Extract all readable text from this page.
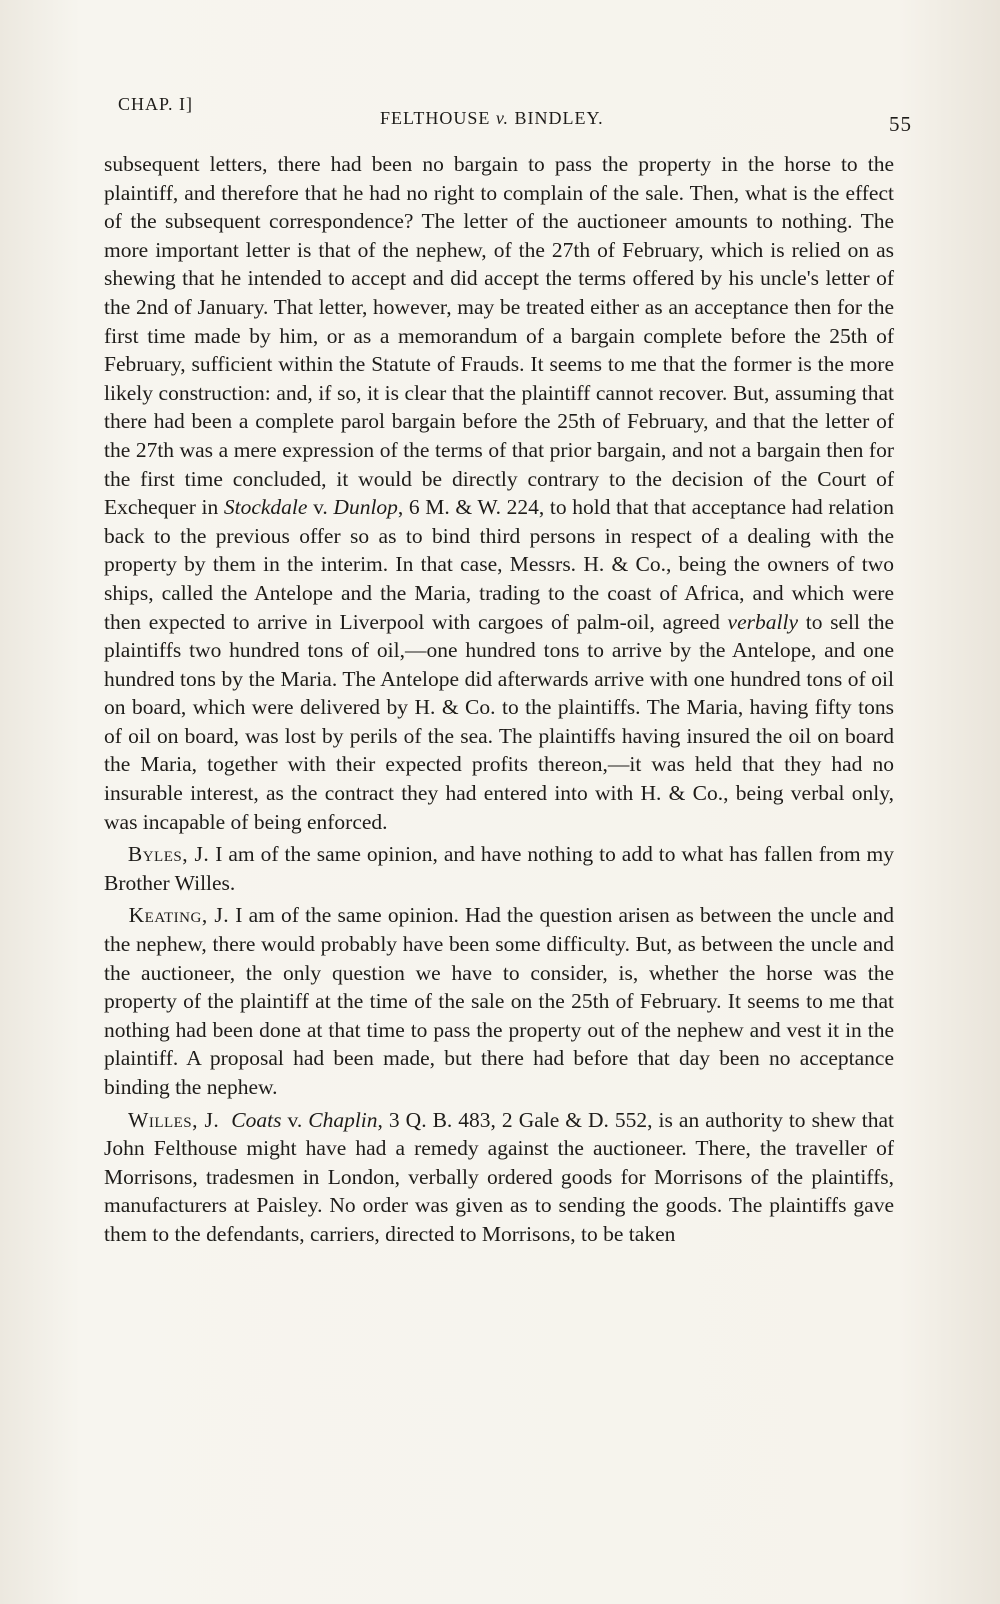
CHAP. I]
FELTHOUSE v. BINDLEY.	55

subsequent letters, there had been no bargain to pass the property in the horse to the plaintiff, and therefore that he had no right to complain of the sale. Then, what is the effect of the subsequent correspondence? The letter of the auctioneer amounts to nothing. The more important letter is that of the nephew, of the 27th of February, which is relied on as shewing that he intended to accept and did accept the terms offered by his uncle's letter of the 2nd of January. That letter, however, may be treated either as an acceptance then for the first time made by him, or as a memorandum of a bargain complete before the 25th of February, sufficient within the Statute of Frauds. It seems to me that the former is the more likely construction: and, if so, it is clear that the plaintiff cannot recover. But, assuming that there had been a complete parol bargain before the 25th of February, and that the letter of the 27th was a mere expression of the terms of that prior bargain, and not a bargain then for the first time concluded, it would be directly contrary to the decision of the Court of Exchequer in Stockdale v. Dunlop, 6 M. & W. 224, to hold that that acceptance had relation back to the previous offer so as to bind third persons in respect of a dealing with the property by them in the interim. In that case, Messrs. H. & Co., being the owners of two ships, called the Antelope and the Maria, trading to the coast of Africa, and which were then expected to arrive in Liverpool with cargoes of palm-oil, agreed verbally to sell the plaintiffs two hundred tons of oil,—one hundred tons to arrive by the Antelope, and one hundred tons by the Maria. The Antelope did afterwards arrive with one hundred tons of oil on board, which were delivered by H. & Co. to the plaintiffs. The Maria, having fifty tons of oil on board, was lost by perils of the sea. The plaintiffs having insured the oil on board the Maria, together with their expected profits thereon,—it was held that they had no insurable interest, as the contract they had entered into with H. & Co., being verbal only, was incapable of being enforced.

Byles, J. I am of the same opinion, and have nothing to add to what has fallen from my Brother Willes.

Keating, J. I am of the same opinion. Had the question arisen as between the uncle and the nephew, there would probably have been some difficulty. But, as between the uncle and the auctioneer, the only question we have to consider, is, whether the horse was the property of the plaintiff at the time of the sale on the 25th of February. It seems to me that nothing had been done at that time to pass the property out of the nephew and vest it in the plaintiff. A proposal had been made, but there had before that day been no acceptance binding the nephew.

Willes, J. Coats v. Chaplin, 3 Q. B. 483, 2 Gale & D. 552, is an authority to shew that John Felthouse might have had a remedy against the auctioneer. There, the traveller of Morrisons, tradesmen in London, verbally ordered goods for Morrisons of the plaintiffs, manufacturers at Paisley. No order was given as to sending the goods. The plaintiffs gave them to the defendants, carriers, directed to Morrisons, to be taken
